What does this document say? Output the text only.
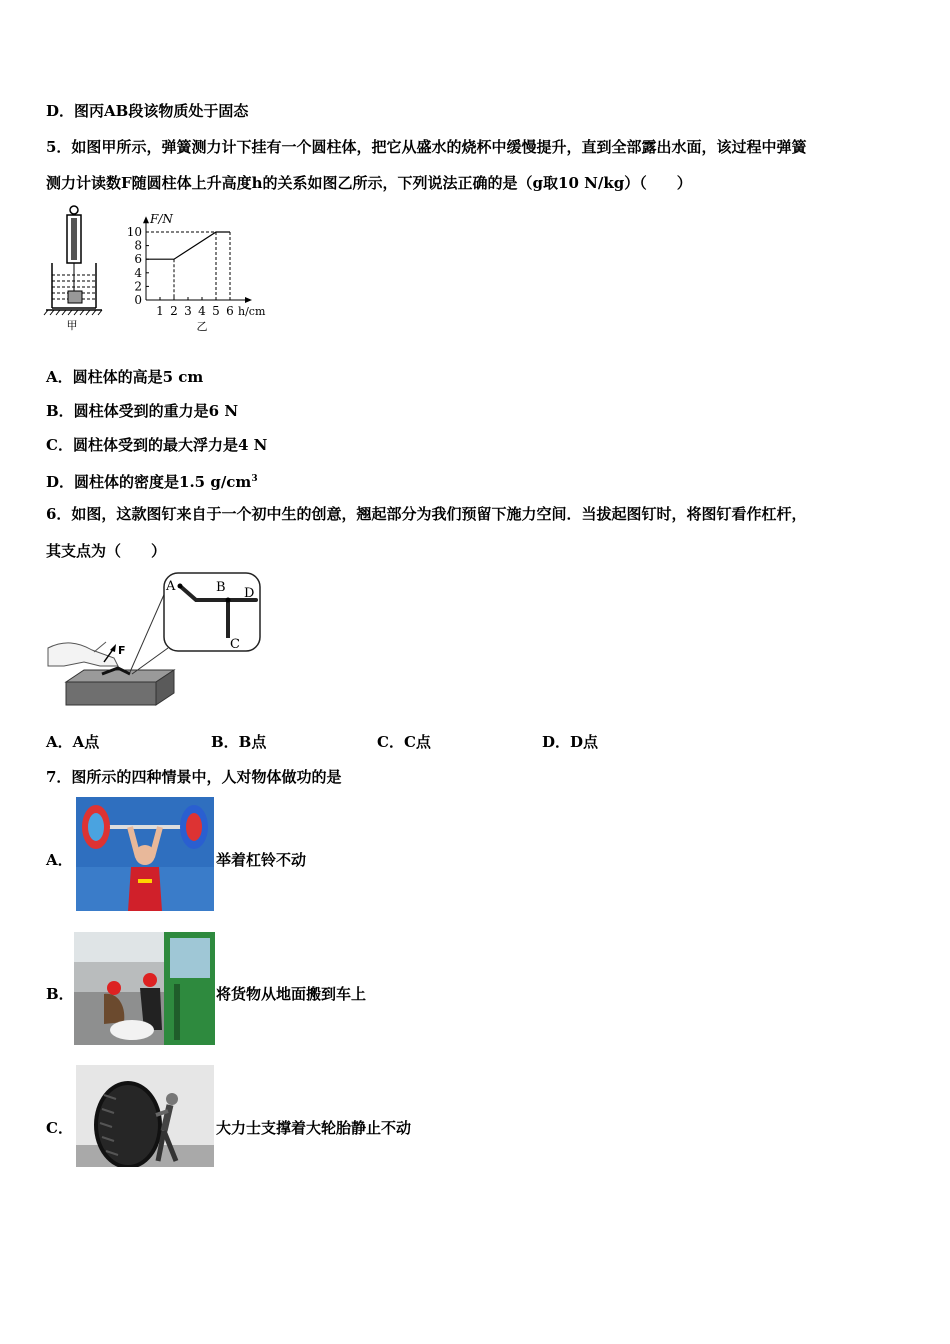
D．图丙AB段该物质处于固态
5．如图甲所示，弹簧测力计下挂有一个圆柱体，把它从盛水的烧杯中缓慢提升，直到全部露出水面，该过程中弹簧
测力计读数F随圆柱体上升高度h的关系如图乙所示，下列说法正确的是（g取10 N/kg）（　　）
甲
0
2
4
6
8
10
1 2 3 4 5 6
F/N
h/cm
乙
A．圆柱体的高是5 cm
B．圆柱体受到的重力是6 N
C．圆柱体受到的最大浮力是4 N
D．圆柱体的密度是1.5 $g/cm^3$
6．如图，这款图钉来自于一个初中生的创意，翘起部分为我们预留下施力空间．当拔起图钉时，将图钉看作杠杆，
其支点为（　　）
F
A	B D
C
A．A点	B．B点	C．C点	D．D点
7．图所示的四种情景中，人对物体做功的是
A．	举着杠铃不动
B．	将货物从地面搬到车上
C．	大力士支撑着大轮胎静止不动
